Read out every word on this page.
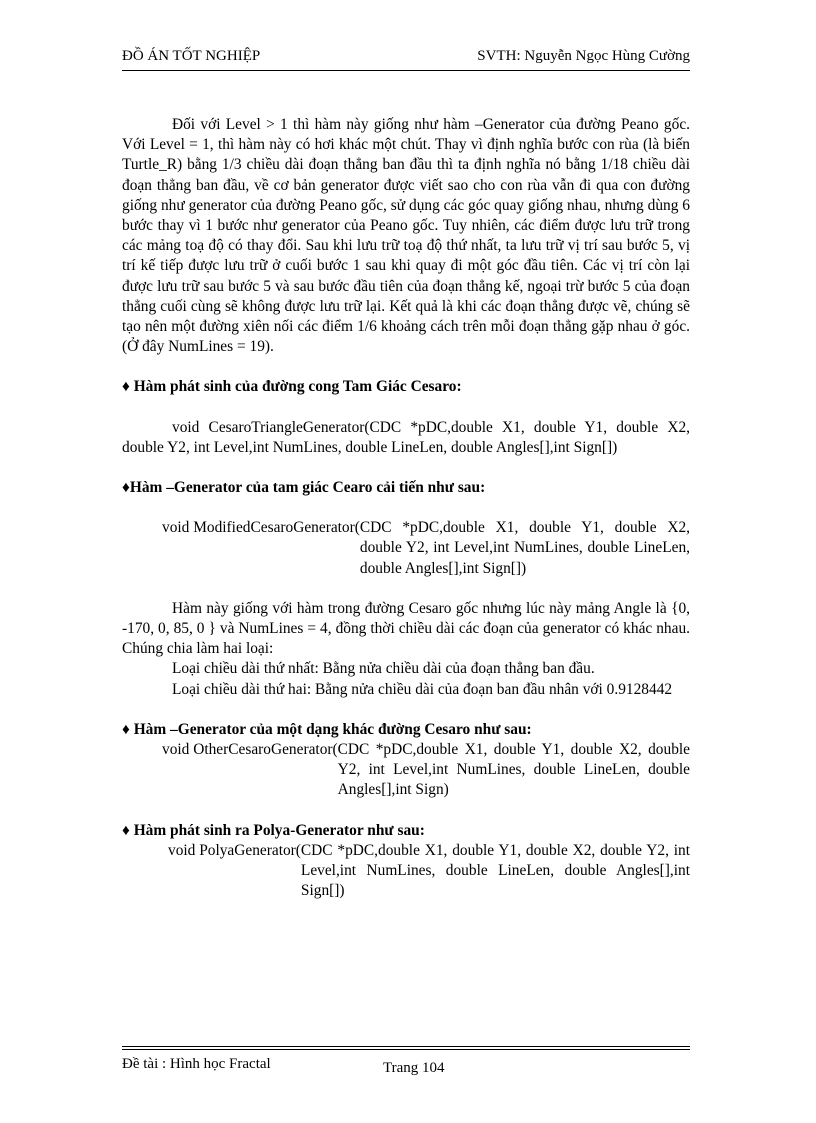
ĐỒ ÁN TỐT NGHIỆP	SVTH: Nguyễn Ngọc Hùng Cường

Đối với Level > 1 thì hàm này giống như hàm –Generator của đường Peano gốc. Với Level = 1, thì hàm này có hơi khác một chút. Thay vì định nghĩa bước con rùa (là biến Turtle_R) bằng 1/3 chiều dài đoạn thẳng ban đầu thì ta định nghĩa nó bằng 1/18 chiều dài đoạn thẳng ban đầu, về cơ bản generator được viết sao cho con rùa vẫn đi qua con đường giống như generator của đường Peano gốc, sử dụng các góc quay giống nhau, nhưng dùng 6 bước thay vì 1 bước như generator của Peano gốc. Tuy nhiên, các điểm được lưu trữ trong các mảng toạ độ có thay đổi. Sau khi lưu trữ toạ độ thứ nhất, ta lưu trữ vị trí sau bước 5, vị trí kế tiếp được lưu trữ ở cuối bước 1 sau khi quay đi một góc đầu tiên. Các vị trí còn lại được lưu trữ sau bước 5 và sau bước đầu tiên của đoạn thẳng kế, ngoại trừ bước 5 của đoạn thẳng cuối cùng sẽ không được lưu trữ lại. Kết quả là khi các đoạn thẳng được vẽ, chúng sẽ tạo nên một đường xiên nối các điểm 1/6 khoảng cách trên mỗi đoạn thẳng gặp nhau ở góc. (Ở đây NumLines = 19).

♦ Hàm phát sinh của đường cong Tam Giác Cesaro:

void CesaroTriangleGenerator(CDC *pDC,double X1, double Y1, double X2, double Y2, int Level,int NumLines, double LineLen, double Angles[],int Sign[])

♦Hàm –Generator của tam giác Cearo cải tiến như sau:

void ModifiedCesaroGenerator( CDC *pDC,double X1, double Y1, double X2, double Y2, int Level,int NumLines, double LineLen, double Angles[],int Sign[])

Hàm này giống với hàm trong đường Cesaro gốc nhưng lúc này mảng Angle là {0, -170, 0, 85, 0 } và NumLines = 4, đồng thời chiều dài các đoạn của generator có khác nhau. Chúng chia làm hai loại:

Loại chiều dài thứ nhất: Bằng nửa chiều dài của đoạn thẳng ban đầu.

Loại chiều dài thứ hai: Bằng nửa chiều dài của đoạn ban đầu nhân với 0.9128442

♦ Hàm –Generator của một dạng khác đường Cesaro như sau:

void OtherCesaroGenerator( CDC *pDC,double X1, double Y1, double X2, double Y2, int Level,int NumLines, double LineLen, double Angles[],int Sign)

♦ Hàm phát sinh ra Polya-Generator như sau:

void PolyaGenerator( CDC *pDC,double X1, double Y1, double X2, double Y2, int Level,int NumLines, double LineLen, double Angles[],int Sign[])
Đề tài : Hình học Fractal	Trang 104
